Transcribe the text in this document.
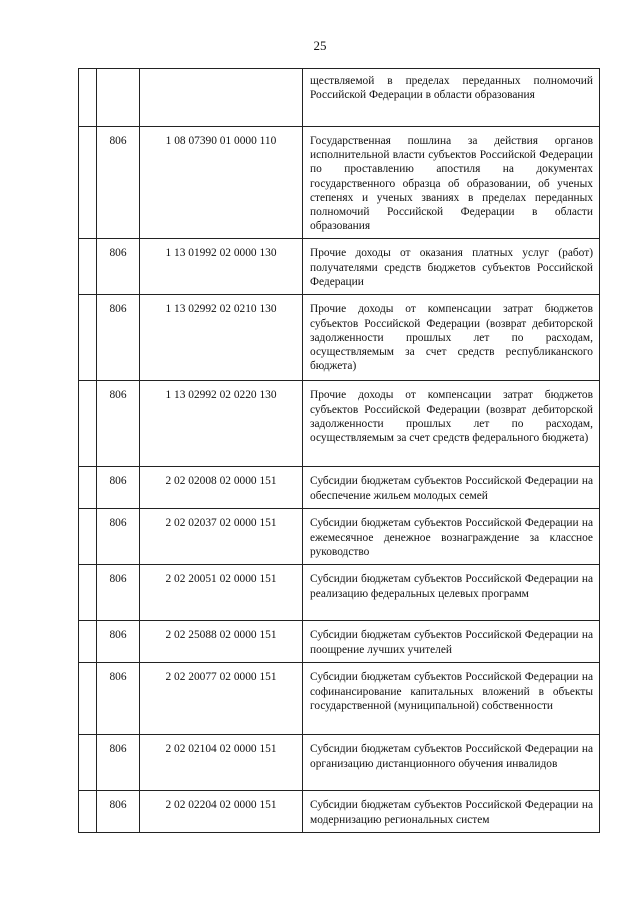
25
			ществляемой в пределах переданных полномочий Российской Федерации в области образования
	806	1 08 07390 01 0000 110	Государственная пошлина за действия органов исполнительной власти субъектов Российской Федерации по проставлению апостиля на документах государственного образца об образовании, об ученых степенях и ученых званиях в пределах переданных полномочий Российской Федерации в области образования
	806	1 13 01992 02 0000 130	Прочие доходы от оказания платных услуг (работ) получателями средств бюджетов субъектов Российской Федерации
	806	1 13 02992 02 0210 130	Прочие доходы от компенсации затрат бюджетов субъектов Российской Федерации (возврат дебиторской задолженности прошлых лет по расходам, осуществляемым за счет средств республиканского бюджета)
	806	1 13 02992 02 0220 130	Прочие доходы от компенсации затрат бюджетов субъектов Российской Федерации (возврат дебиторской задолженности прошлых лет по расходам, осуществляемым за счет средств федерального бюджета)
	806	2 02 02008 02 0000 151	Субсидии бюджетам субъектов Российской Федерации на обеспечение жильем молодых семей
	806	2 02 02037 02 0000 151	Субсидии бюджетам субъектов Российской Федерации на ежемесячное денежное вознаграждение за классное руководство
	806	2 02 20051 02 0000 151	Субсидии бюджетам субъектов Российской Федерации на реализацию федеральных целевых программ
	806	2 02 25088 02 0000 151	Субсидии бюджетам субъектов Российской Федерации на поощрение лучших учителей
	806	2 02 20077 02 0000 151	Субсидии бюджетам субъектов Российской Федерации на софинансирование капитальных вложений в объекты государственной (муниципальной) собственности
	806	2 02 02104 02 0000 151	Субсидии бюджетам субъектов Российской Федерации на организацию дистанционного обучения инвалидов
	806	2 02 02204 02 0000 151	Субсидии бюджетам субъектов Российской Федерации на модернизацию региональных систем
